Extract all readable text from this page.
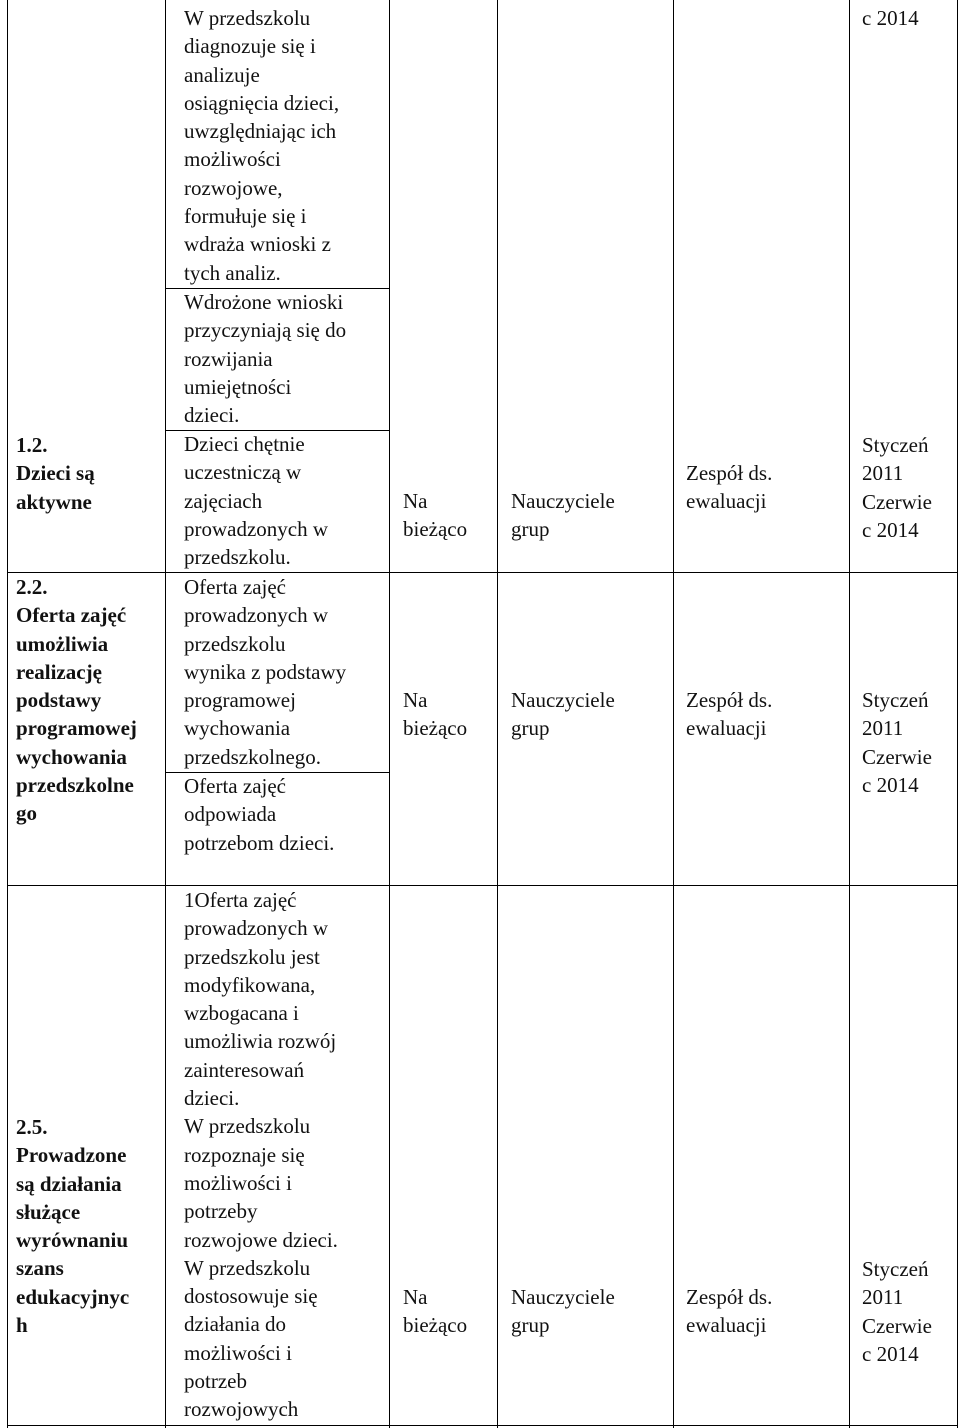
c 2014
1.2.
Dzieci są
aktywne
W przedszkolu
diagnozuje się i
analizuje
osiągnięcia dzieci,
uwzględniając ich
możliwości
rozwojowe,
formułuje się i
wdraża wnioski z
tych analiz.
Wdrożone wnioski
przyczyniają się do
rozwijania
umiejętności
dzieci.
Dzieci chętnie
uczestniczą w
zajęciach
prowadzonych w
przedszkolu.
Na
bieżąco
Nauczyciele
grup
Zespół ds.
ewaluacji
Styczeń
2011
Czerwie
c 2014
2.2.
Oferta zajęć
umożliwia
realizację
podstawy
programowej
wychowania
przedszkolne
go
Oferta zajęć
prowadzonych w
przedszkolu
wynika z podstawy
programowej
wychowania
przedszkolnego.
Oferta zajęć
odpowiada
potrzebom dzieci.
Na
bieżąco
Nauczyciele
grup
Zespół ds.
ewaluacji
Styczeń
2011
Czerwie
c 2014
2.5.
Prowadzone
są działania
służące
wyrównaniu
szans
edukacyjnyc
h
1Oferta zajęć
prowadzonych w
przedszkolu jest
modyfikowana,
wzbogacana i
umożliwia rozwój
zainteresowań
dzieci.
W przedszkolu
rozpoznaje się
możliwości i
potrzeby
rozwojowe dzieci.
W przedszkolu
dostosowuje się
działania do
możliwości i
potrzeb
rozwojowych
Na
bieżąco
Nauczyciele
grup
Zespół ds.
ewaluacji
Styczeń
2011
Czerwie
c 2014
